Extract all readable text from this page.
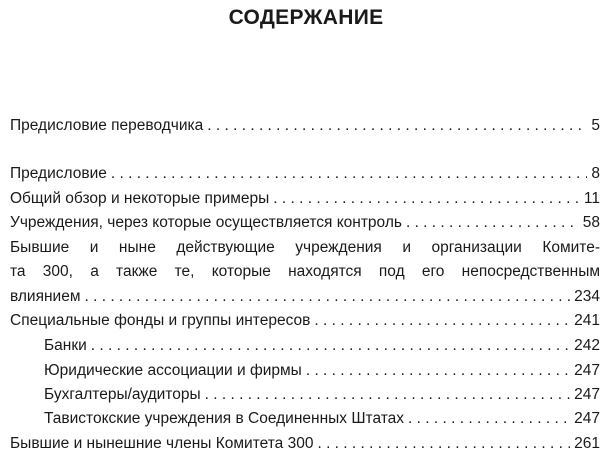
СОДЕРЖАНИЕ
Предисловие переводчика . . .	5
Предисловие . . .	8
Общий обзор и некоторые примеры . . .	11
Учреждения, через которые осуществляется контроль . . .	58
Бывшие и ныне действующие учреждения и организации Комите-
та 300, а также те, которые находятся под его непосредственным
влиянием . . .	234
Специальные фонды и группы интересов . . .	241
Банки . . .	242
Юридические ассоциации и фирмы . . .	247
Бухгалтеры/аудиторы . . .	247
Тавистокские учреждения в Соединенных Штатах . . .	247
Бывшие и нынешние члены Комитета 300 . . .	261
